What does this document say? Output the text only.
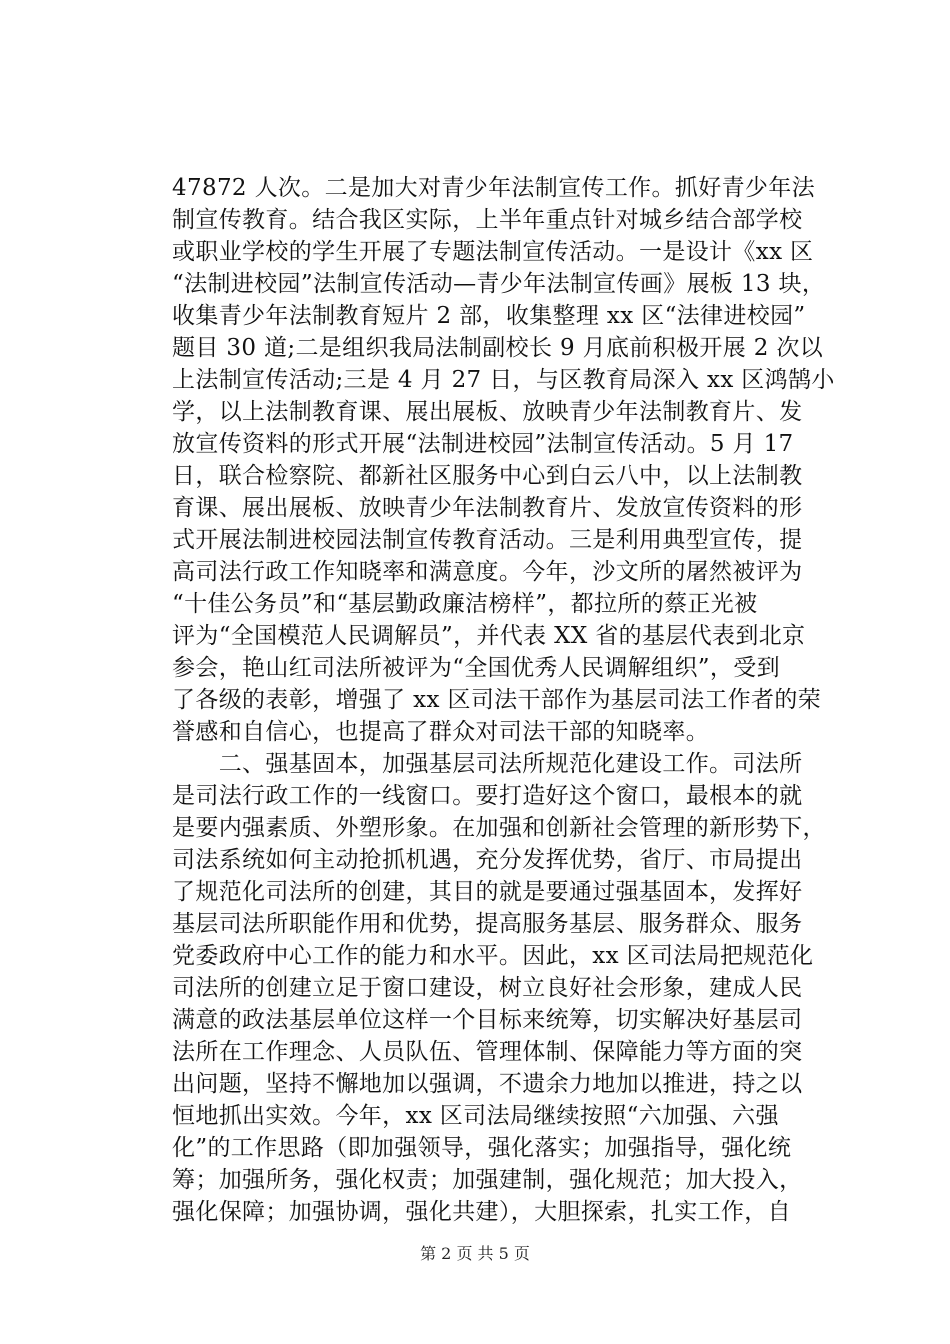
47872 人次。二是加大对青少年法制宣传工作。抓好青少年法
制宣传教育。结合我区实际，上半年重点针对城乡结合部学校
或职业学校的学生开展了专题法制宣传活动。一是设计《xx 区
“法制进校园”法制宣传活动—青少年法制宣传画》展板 13 块，
收集青少年法制教育短片 2 部，收集整理 xx 区“法律进校园”
题目 30 道;二是组织我局法制副校长 9 月底前积极开展 2 次以
上法制宣传活动;三是 4 月 27 日，与区教育局深入 xx 区鸿鹄小
学，以上法制教育课、展出展板、放映青少年法制教育片、发
放宣传资料的形式开展“法制进校园”法制宣传活动。5 月 17
日，联合检察院、都新社区服务中心到白云八中，以上法制教
育课、展出展板、放映青少年法制教育片、发放宣传资料的形
式开展法制进校园法制宣传教育活动。三是利用典型宣传，提
高司法行政工作知晓率和满意度。今年，沙文所的屠然被评为
“十佳公务员”和“基层勤政廉洁榜样”，都拉所的蔡正光被
评为“全国模范人民调解员”，并代表 XX 省的基层代表到北京
参会，艳山红司法所被评为“全国优秀人民调解组织”，受到
了各级的表彰，增强了 xx 区司法干部作为基层司法工作者的荣
誉感和自信心，也提高了群众对司法干部的知晓率。
　　二、强基固本，加强基层司法所规范化建设工作。司法所
是司法行政工作的一线窗口。要打造好这个窗口，最根本的就
是要内强素质、外塑形象。在加强和创新社会管理的新形势下，
司法系统如何主动抢抓机遇，充分发挥优势，省厅、市局提出
了规范化司法所的创建，其目的就是要通过强基固本，发挥好
基层司法所职能作用和优势，提高服务基层、服务群众、服务
党委政府中心工作的能力和水平。因此，xx 区司法局把规范化
司法所的创建立足于窗口建设，树立良好社会形象，建成人民
满意的政法基层单位这样一个目标来统筹，切实解决好基层司
法所在工作理念、人员队伍、管理体制、保障能力等方面的突
出问题，坚持不懈地加以强调，不遗余力地加以推进，持之以
恒地抓出实效。今年，xx 区司法局继续按照“六加强、六强
化”的工作思路（即加强领导，强化落实；加强指导，强化统
筹；加强所务，强化权责；加强建制，强化规范；加大投入，
强化保障；加强协调，强化共建），大胆探索，扎实工作，自
第 2 页 共 5 页
